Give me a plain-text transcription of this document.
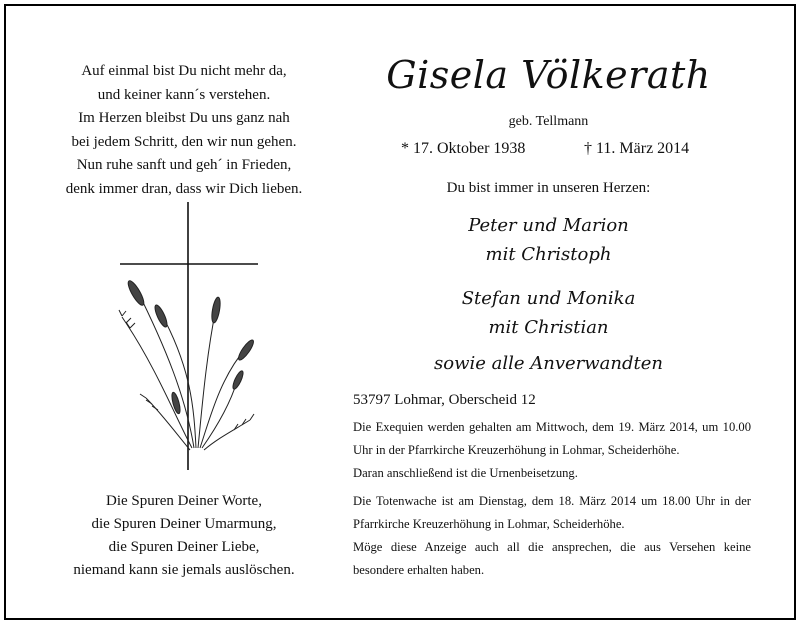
Auf einmal bist Du nicht mehr da,
und keiner kann´s verstehen.
Im Herzen bleibst Du uns ganz nah
bei jedem Schritt, den wir nun gehen.
Nun ruhe sanft und geh´ in Frieden,
denk immer dran, dass wir Dich lieben.
Die Spuren Deiner Worte,
die Spuren Deiner Umarmung,
die Spuren Deiner Liebe,
niemand kann sie jemals auslöschen.
Gisela Völkerath
geb. Tellmann
* 17. Oktober 1938	† 11. März 2014
Du bist immer in unseren Herzen:
Peter und Marion
mit Christoph
Stefan und Monika
mit Christian
sowie alle Anverwandten
53797 Lohmar, Oberscheid 12
Die Exequien werden gehalten am Mittwoch, dem 19. März 2014, um 10.00 Uhr in der Pfarrkirche Kreuzerhöhung in Lohmar, Scheiderhöhe.
Daran anschließend ist die Urnenbeisetzung.
Die Totenwache ist am Dienstag, dem 18. März 2014 um 18.00 Uhr in der Pfarrkirche Kreuzerhöhung in Lohmar, Scheiderhöhe.
Möge diese Anzeige auch all die ansprechen, die aus Versehen keine besondere erhalten haben.
